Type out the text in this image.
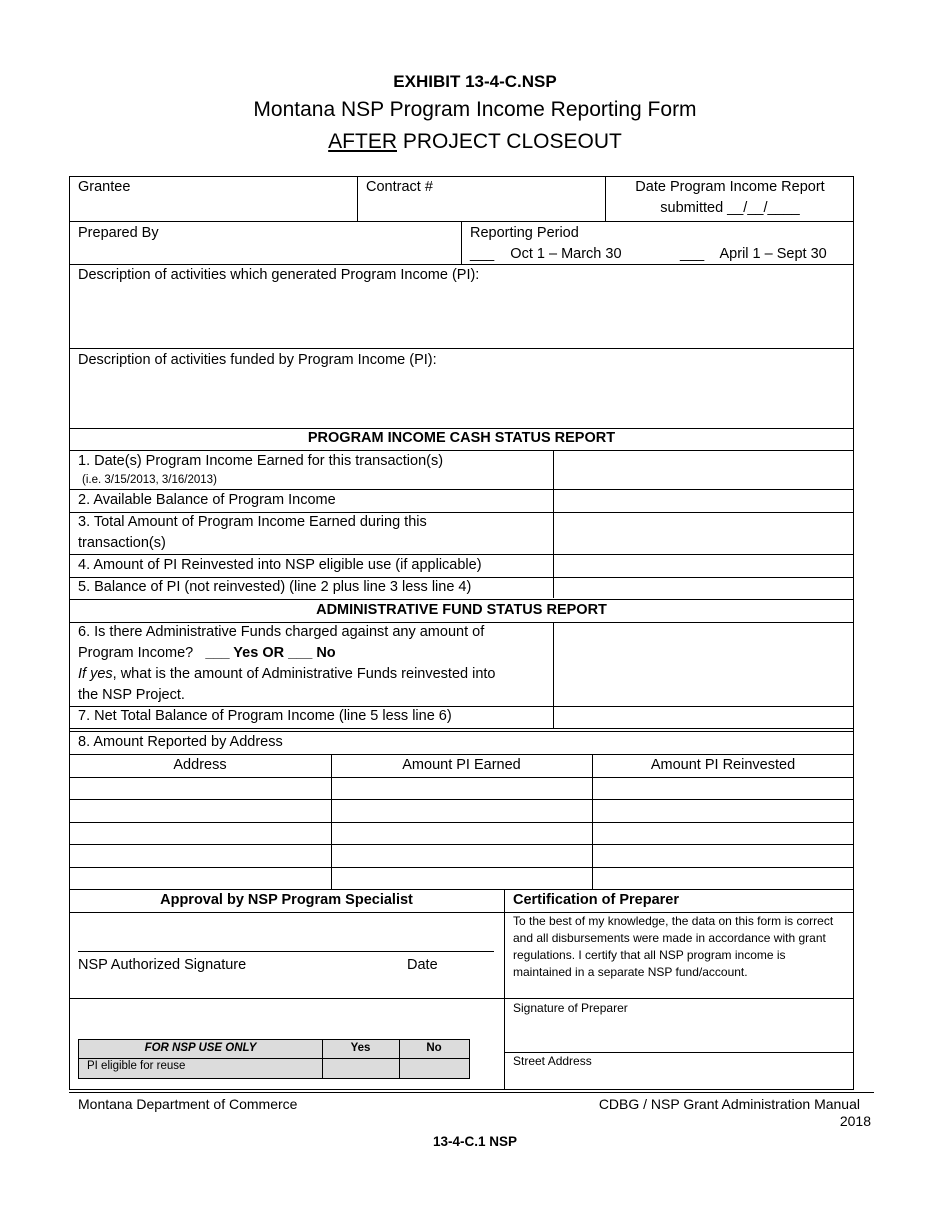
EXHIBIT 13-4-C.NSP
Montana NSP Program Income Reporting Form
AFTER PROJECT CLOSEOUT
Grantee	Contract #	Date Program Income Report
submitted __/__/____
Prepared By	Reporting Period
___    Oct 1 – March 30	___    April 1 – Sept 30
Description of activities which generated Program Income (PI):
Description of activities funded by Program Income (PI):
PROGRAM INCOME CASH STATUS REPORT
1. Date(s) Program Income Earned for this transaction(s)
(i.e. 3/15/2013, 3/16/2013)
2. Available Balance of Program Income
3. Total Amount of Program Income Earned during this
transaction(s)
4. Amount of PI Reinvested into NSP eligible use (if applicable)
5. Balance of PI (not reinvested) (line 2 plus line 3 less line 4)
ADMINISTRATIVE FUND STATUS REPORT
6. Is there Administrative Funds charged against any amount of
Program Income? ___ Yes OR ___ No
If yes, what is the amount of Administrative Funds reinvested into
the NSP Project.
7. Net Total Balance of Program Income (line 5 less line 6)
8. Amount Reported by Address
Address	Amount PI Earned	Amount PI Reinvested
Approval by NSP Program Specialist	Certification of Preparer
NSP Authorized Signature	Date
To the best of my knowledge, the data on this form is correct and all disbursements were made in accordance with grant regulations. I certify that all NSP program income is maintained in a separate NSP fund/account.
Signature of Preparer
Street Address
FOR NSP USE ONLY	Yes	No
PI eligible for reuse
Montana Department of Commerce	CDBG / NSP Grant Administration Manual
2018
13-4-C.1 NSP
